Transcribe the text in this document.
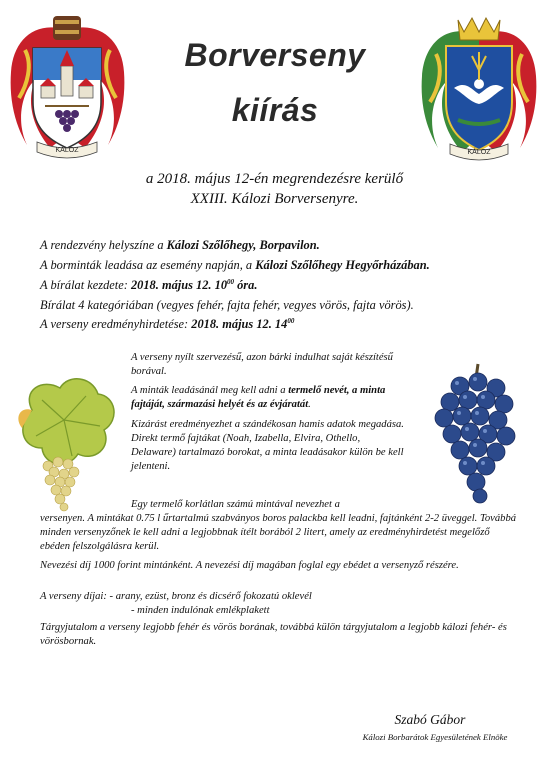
KÁLOZ	KÁLOZ
Borverseny
kiírás
a 2018. május 12-én megrendezésre kerülő
XXIII. Kálozi Borversenyre.
A rendezvény helyszíne a Kálozi Szőlőhegy, Borpavilon.
A borminták leadása az esemény napján, a Kálozi Szőlőhegy Hegyőrházában.
A bírálat kezdete: 2018. május 12. $10^{00}$ óra.
Bírálat 4 kategóriában (vegyes fehér, fajta fehér, vegyes vörös, fajta vörös).
A verseny eredményhirdetése: 2018. május 12. $14^{00}$
A verseny nyílt szervezésű, azon bárki indulhat saját készítésű borával.
A minták leadásánál meg kell adni a termelő nevét, a minta fajtáját, származási helyét és az évjáratát.
Kizárást eredményezhet a szándékosan hamis adatok megadása. Direkt termő fajtákat (Noah, Izabella, Elvira, Othello, Delaware) tartalmazó borokat, a minta leadásakor külön be kell jelenteni.
Egy termelő korlátlan számú mintával nevezhet a
versenyen. A mintákat 0.75 l űrtartalmú szabványos boros palackba kell leadni, fajtánként 2-2 üveggel. Továbbá minden versenyzőnek le kell adni a legjobbnak ítélt borából 2 litert, amely az eredményhirdetést megelőző ebéden felszolgálásra kerül.
Nevezési díj 1000 forint mintánként. A nevezési díj magában foglal egy ebédet a versenyző részére.
A verseny díjai: - arany, ezüst, bronz és dicsérő fokozatú oklevél
- minden indulónak emlékplakett
Tárgyjutalom a verseny legjobb fehér és vörös borának, továbbá külön tárgyjutalom a legjobb kálozi fehér- és vörösbornak.
Szabó Gábor
Kálozi Borbarátok Egyesületének Elnöke
